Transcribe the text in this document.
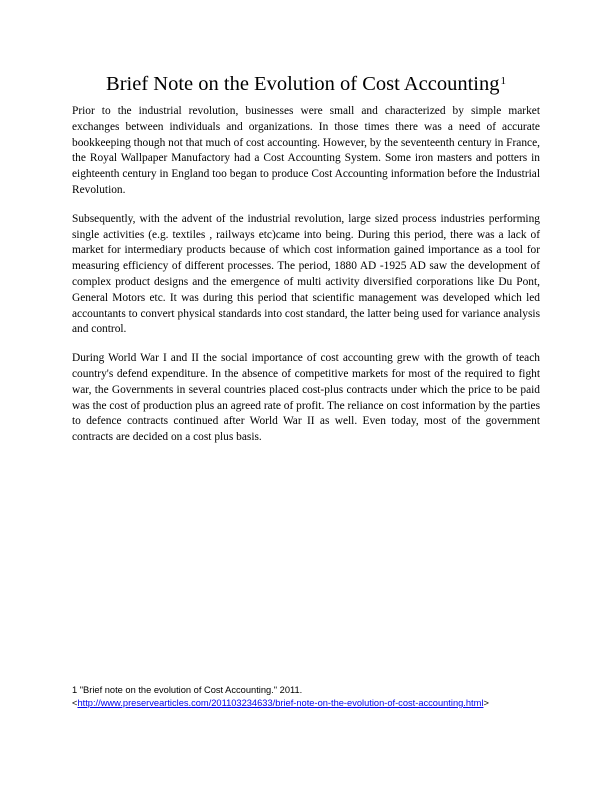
Brief Note on the Evolution of Cost Accounting$^1$

Prior to the industrial revolution, businesses were small and characterized by simple market exchanges between individuals and organizations. In those times there was a need of accurate bookkeeping though not that much of cost accounting. However, by the seventeenth century in France, the Royal Wallpaper Manufactory had a Cost Accounting System. Some iron masters and potters in eighteenth century in England too began to produce Cost Accounting information before the Industrial Revolution.

Subsequently, with the advent of the industrial revolution, large sized process industries performing single activities (e.g. textiles , railways etc)came into being. During this period, there was a lack of market for intermediary products because of which cost information gained importance as a tool for measuring efficiency of different processes. The period, 1880 AD -1925 AD saw the development of complex product designs and the emergence of multi activity diversified corporations like Du Pont, General Motors etc. It was during this period that scientific management was developed which led accountants to convert physical standards into cost standard, the latter being used for variance analysis and control.

During World War I and II the social importance of cost accounting grew with the growth of teach country's defend expenditure. In the absence of competitive markets for most of the required to fight war, the Governments in several countries placed cost-plus contracts under which the price to be paid was the cost of production plus an agreed rate of profit. The reliance on cost information by the parties to defence contracts continued after World War II as well. Even today, most of the government contracts are decided on a cost plus basis.

1 "Brief note on the evolution of Cost Accounting." 2011.
<http://www.preservearticles.com/201103234633/brief-note-on-the-evolution-of-cost-accounting.html>
